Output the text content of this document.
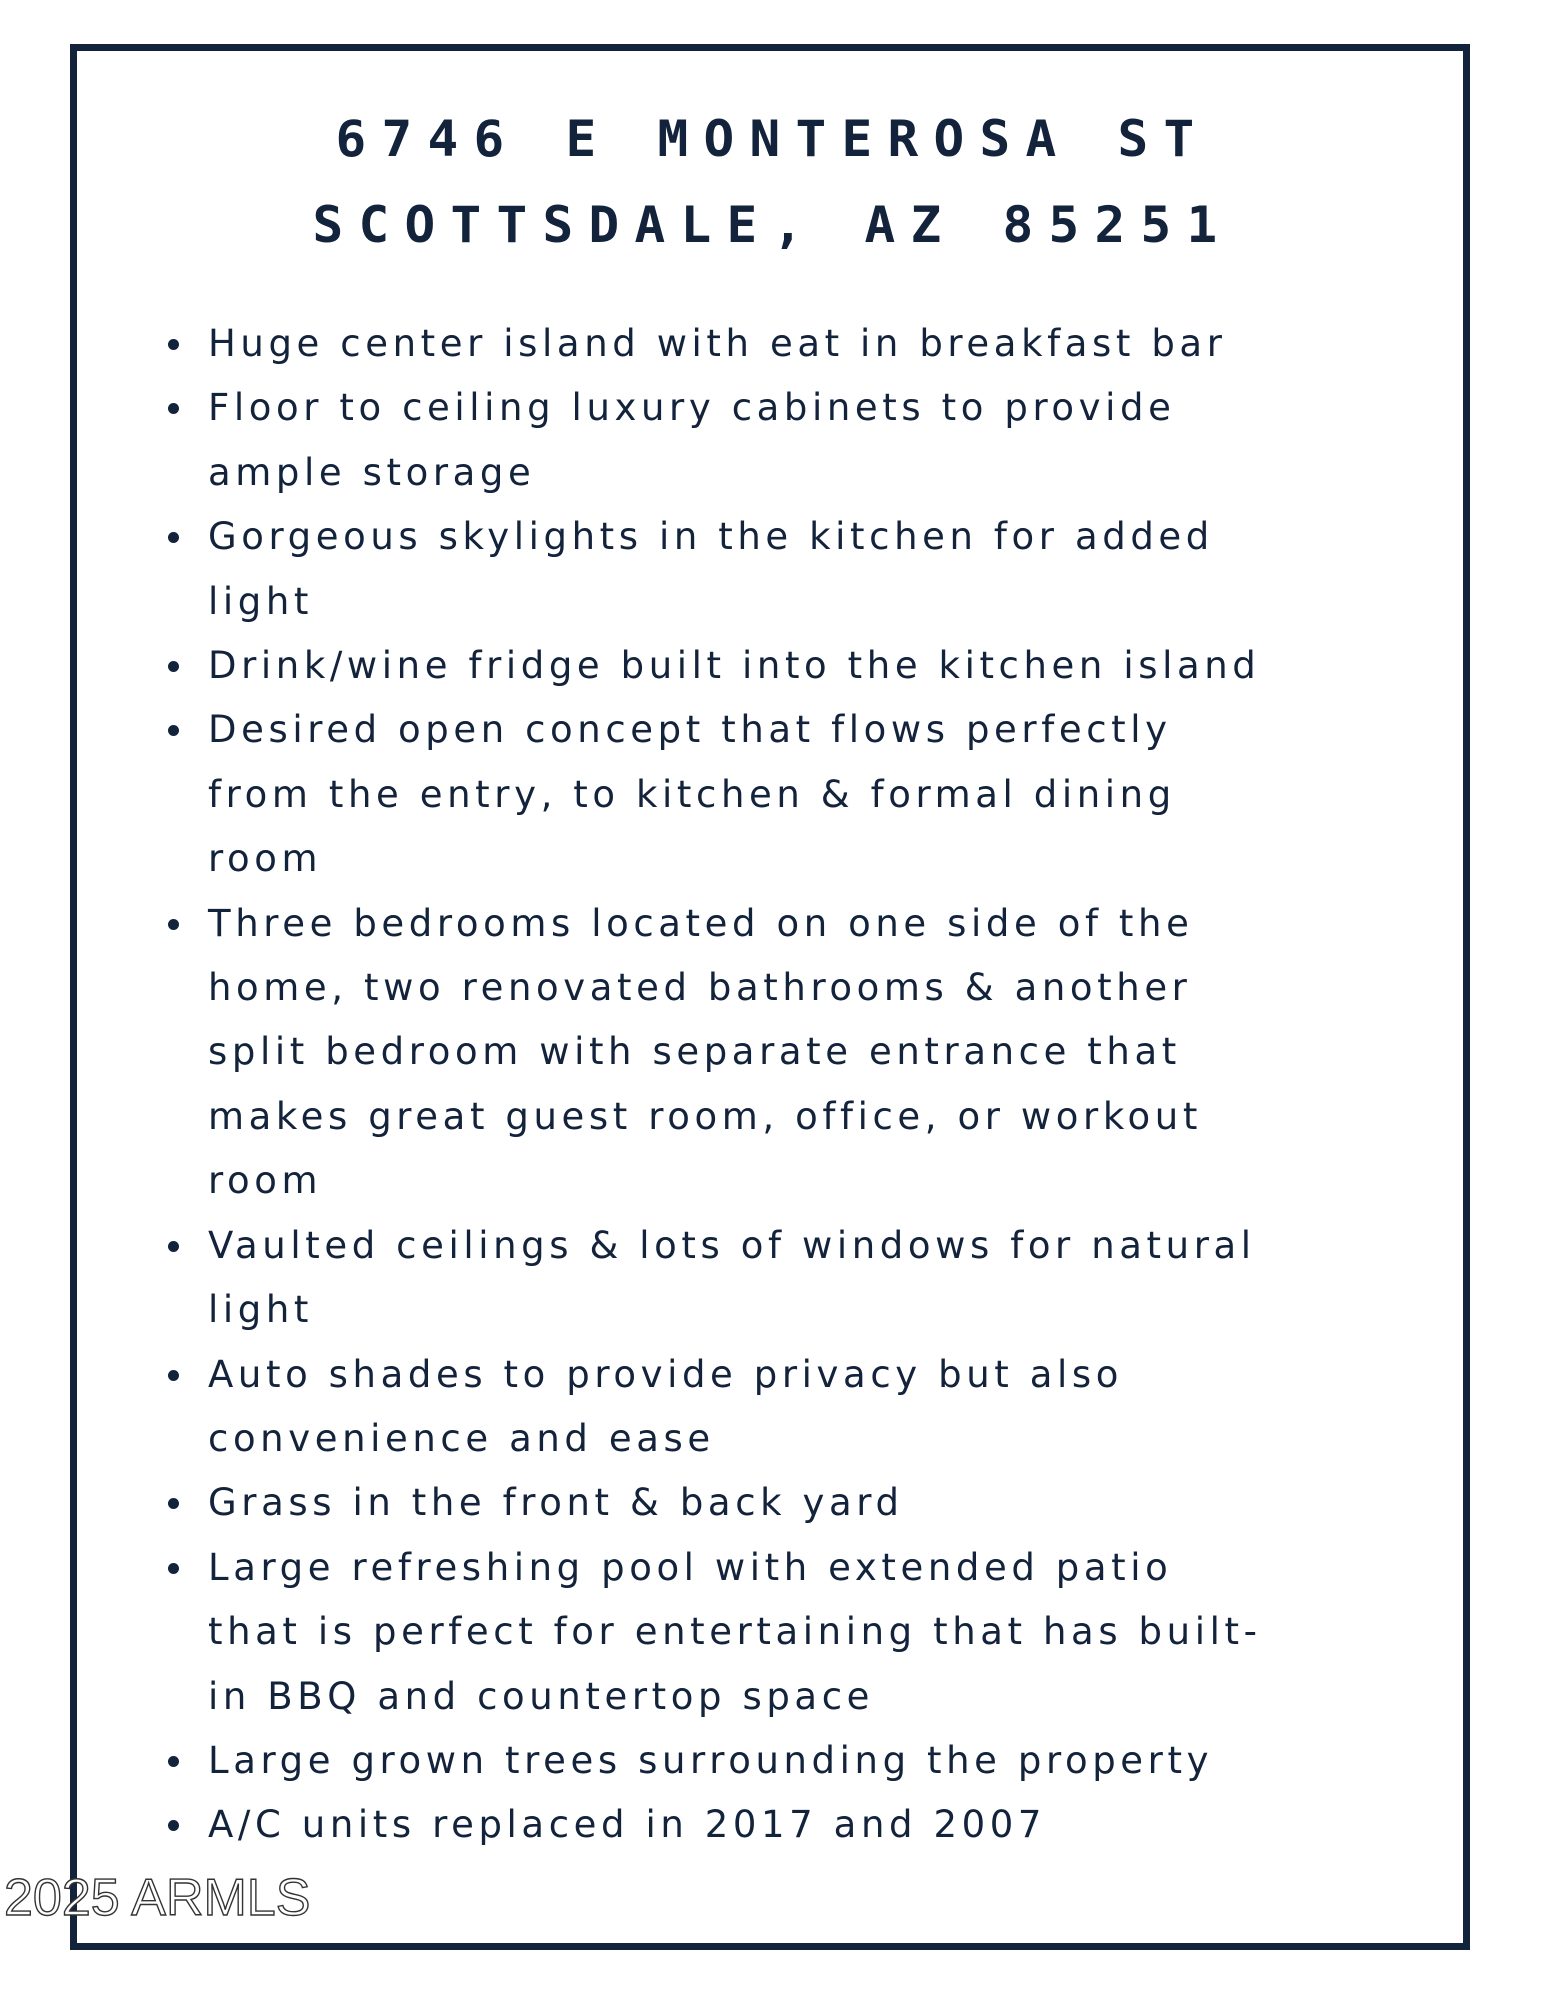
6746 E MONTEROSA ST
SCOTTSDALE, AZ 85251
Huge center island with eat in breakfast bar
Floor to ceiling luxury cabinets to provide
ample storage
Gorgeous skylights in the kitchen for added
light
Drink/wine fridge built into the kitchen island
Desired open concept that flows perfectly
from the entry, to kitchen & formal dining
room
Three bedrooms located on one side of the
home, two renovated bathrooms & another
split bedroom with separate entrance that
makes great guest room, office, or workout
room
Vaulted ceilings & lots of windows for natural
light
Auto shades to provide privacy but also
convenience and ease
Grass in the front & back yard
Large refreshing pool with extended patio
that is perfect for entertaining that has built-
in BBQ and countertop space
Large grown trees surrounding the property
A/C units replaced in 2017 and 2007
2025 ARMLS
